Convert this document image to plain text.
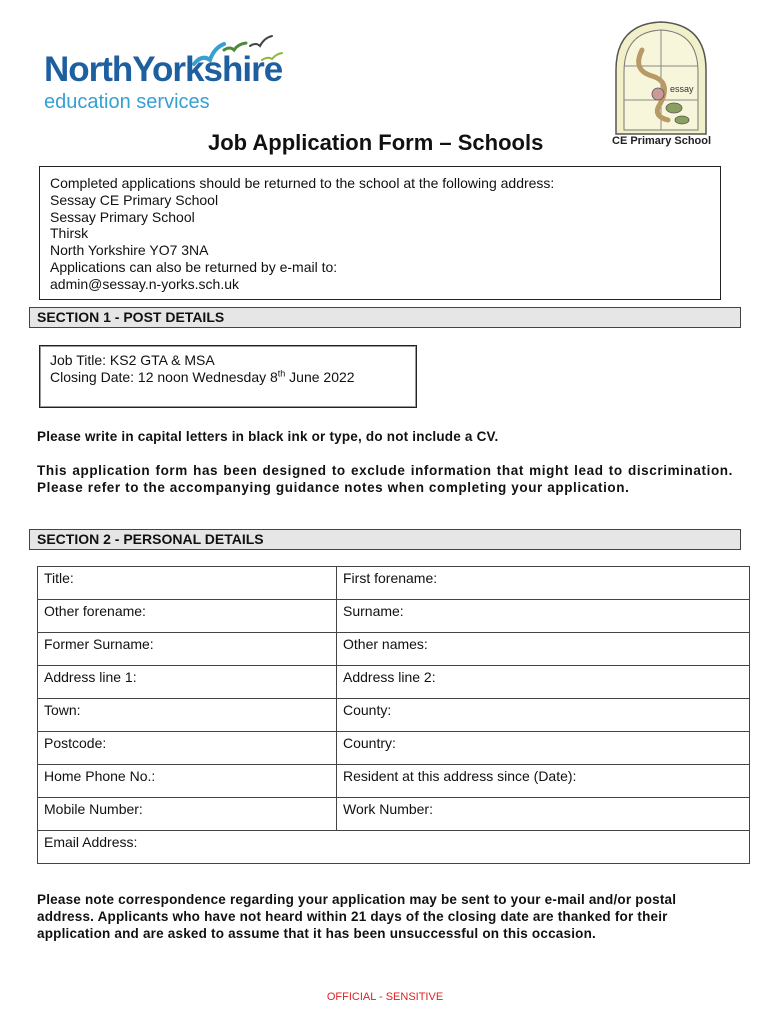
NorthYorkshire
education services
essay
CE Primary School
Job Application Form – Schools
Completed applications should be returned to the school at the following address:
Sessay CE Primary School
Sessay Primary School
Thirsk
North Yorkshire YO7 3NA
Applications can also be returned by e-mail to:
admin@sessay.n-yorks.sch.uk
SECTION 1 - POST DETAILS
Job Title: KS2 GTA & MSA
Closing Date: 12 noon Wednesday 8th June 2022
Please write in capital letters in black ink or type, do not include a CV.
This application form has been designed to exclude information that might lead to discrimination. Please refer to the accompanying guidance notes when completing your application.
SECTION 2 - PERSONAL DETAILS
Title:	First forename:
Other forename:	Surname:
Former Surname:	Other names:
Address line 1:	Address line 2:
Town:	County:
Postcode:	Country:
Home Phone No.:	Resident at this address since (Date):
Mobile Number:	Work Number:
Email Address:	
Please note correspondence regarding your application may be sent to your e-mail and/or postal address. Applicants who have not heard within 21 days of the closing date are thanked for their application and are asked to assume that it has been unsuccessful on this occasion.
OFFICIAL - SENSITIVE
